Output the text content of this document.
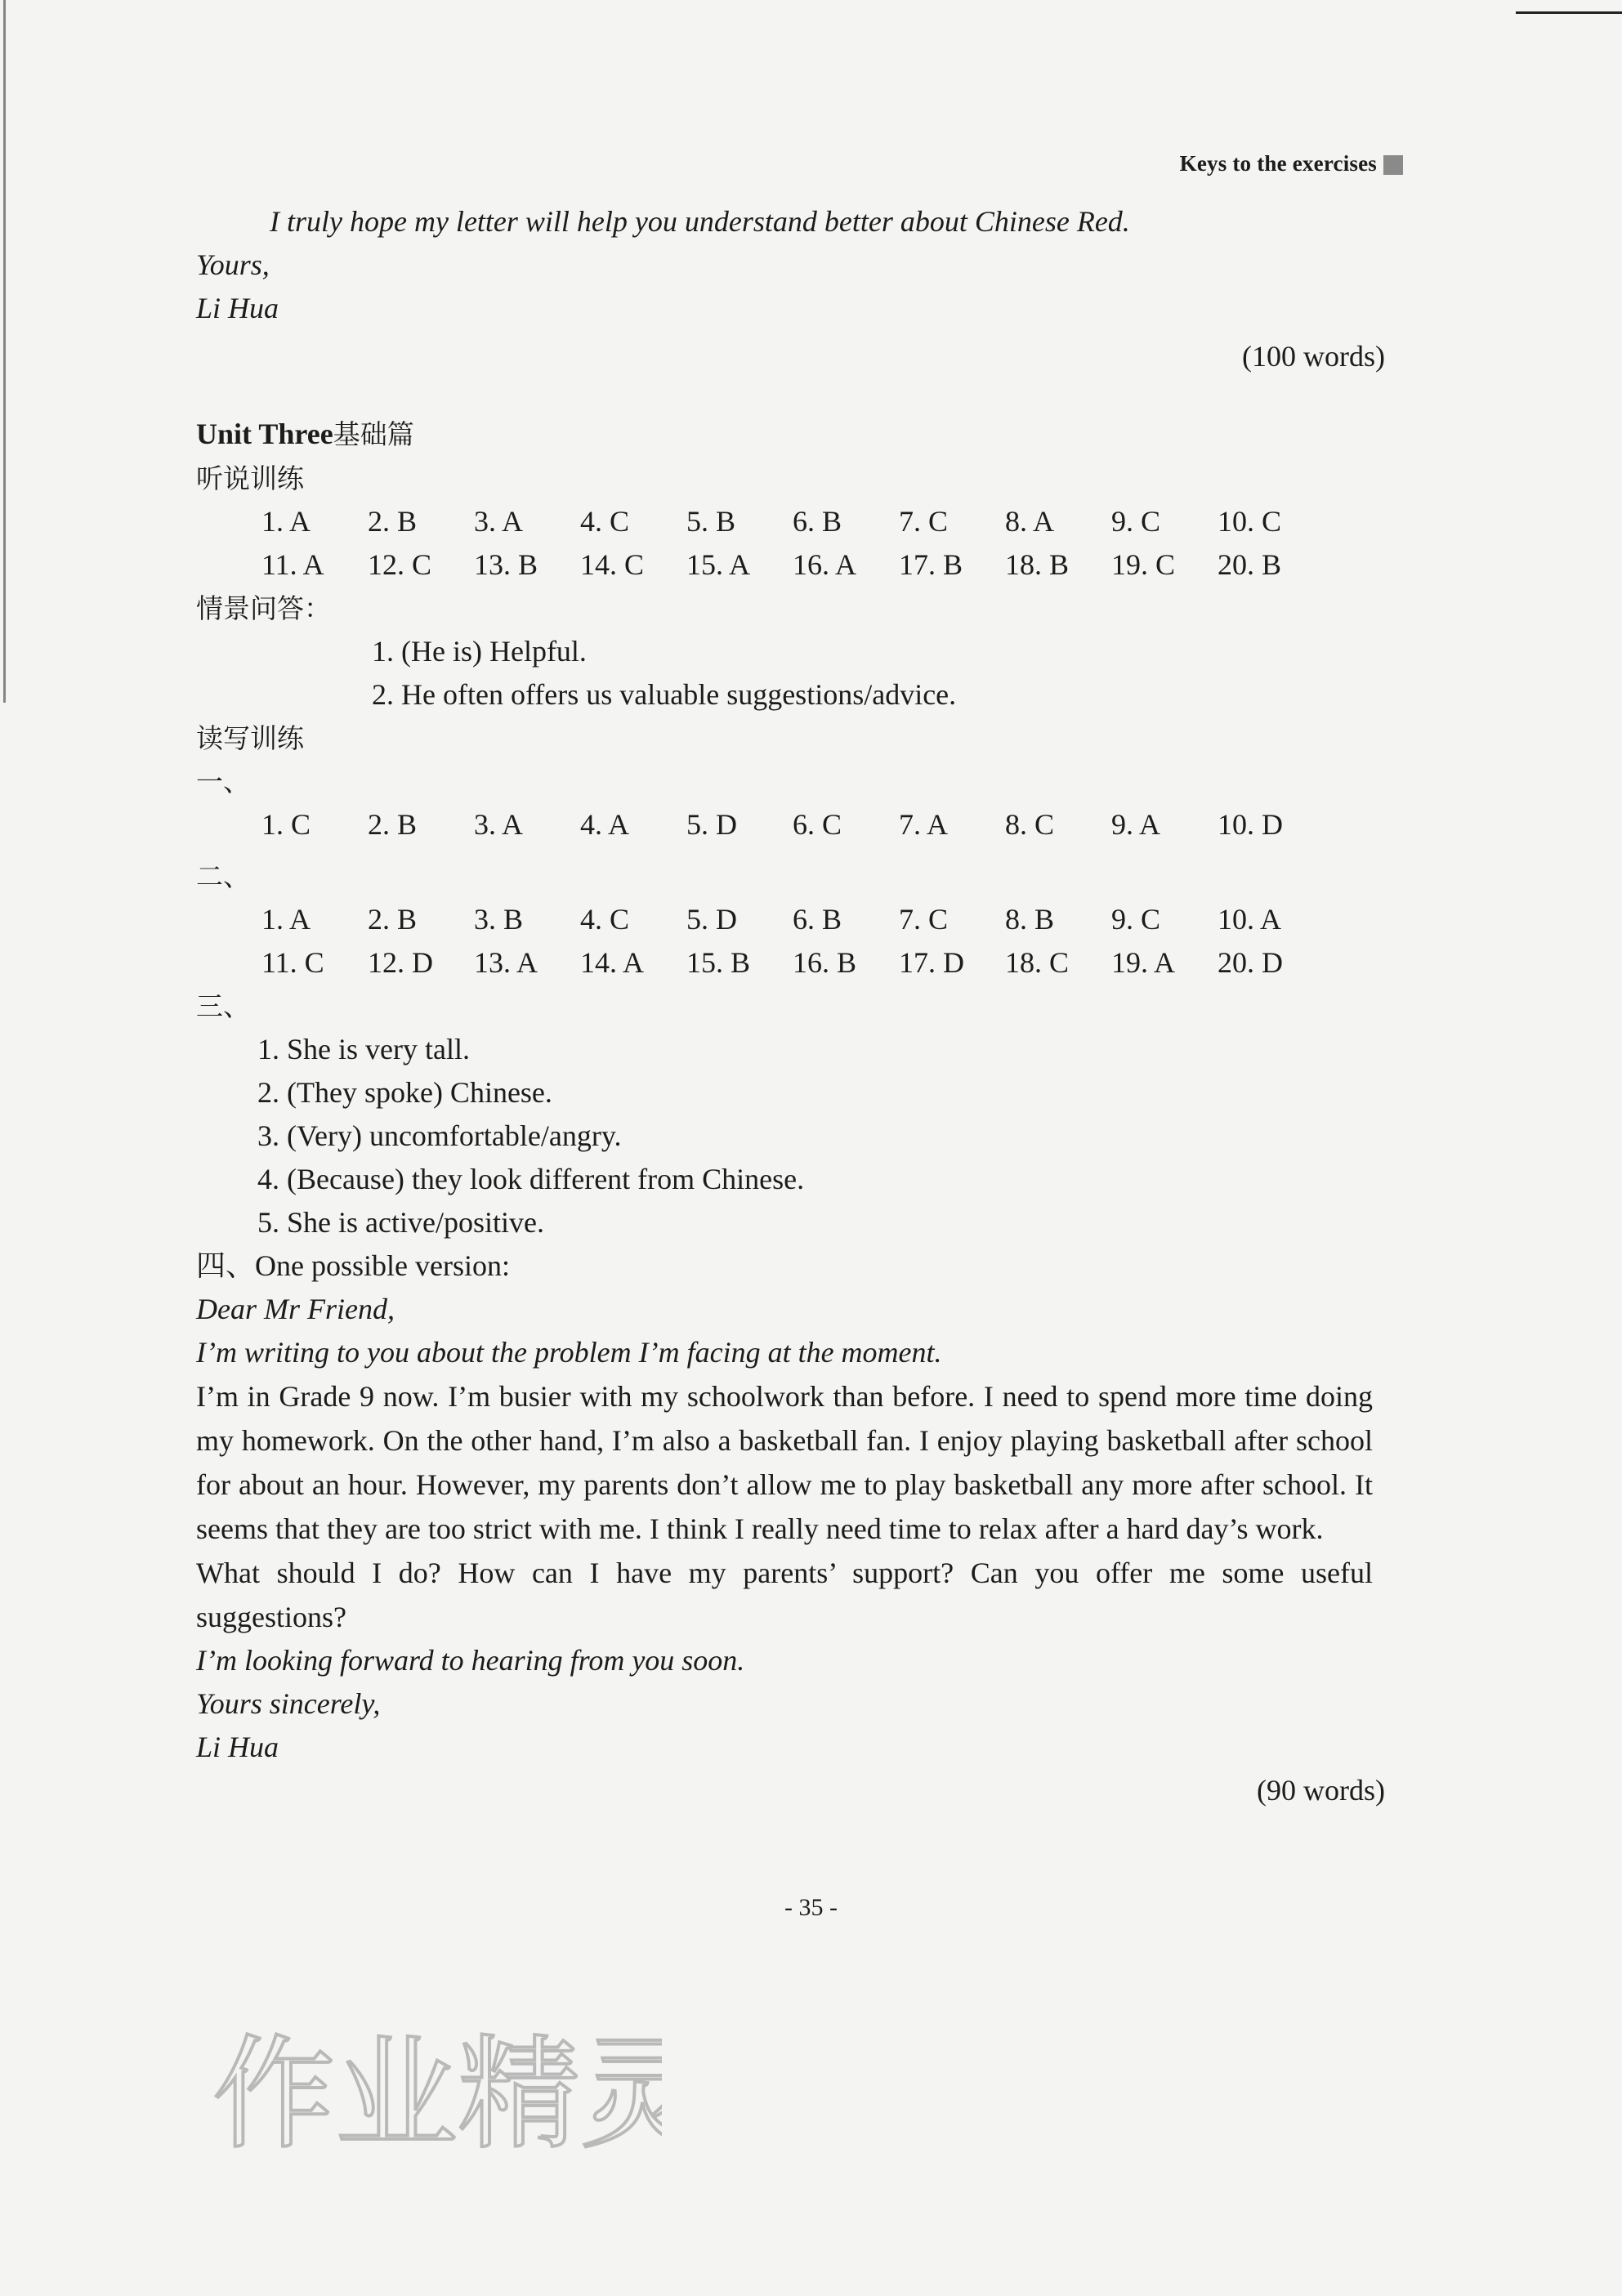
Keys to the exercises
I truly hope my letter will help you understand better about Chinese Red.
Yours,
Li Hua
(100 words)
Unit Three基础篇
听说训练
1. A	2. B	3. A	4. C	5. B	6. B	7. C	8. A	9. C	10. C
11. A	12. C	13. B	14. C	15. A	16. A	17. B	18. B	19. C	20. B
情景问答：
1. (He is) Helpful.
2. He often offers us valuable suggestions/advice.
读写训练
一、
1. C	2. B	3. A	4. A	5. D	6. C	7. A	8. C	9. A	10. D
二、
1. A	2. B	3. B	4. C	5. D	6. B	7. C	8. B	9. C	10. A
11. C	12. D	13. A	14. A	15. B	16. B	17. D	18. C	19. A	20. D
三、
1. She is very tall.
2. (They spoke) Chinese.
3. (Very) uncomfortable/angry.
4. (Because) they look different from Chinese.
5. She is active/positive.
四、One possible version:
Dear Mr Friend,
I’m writing to you about the problem I’m facing at the moment.
I’m in Grade 9 now. I’m busier with my schoolwork than before. I need to spend more time doing my homework. On the other hand, I’m also a basketball fan. I enjoy playing basketball after school for about an hour. However, my parents don’t allow me to play basketball any more after school. It seems that they are too strict with me. I think I really need time to relax after a hard day’s work.
What should I do? How can I have my parents’ support? Can you offer me some useful suggestions?
I’m looking forward to hearing from you soon.
Yours sincerely,
Li Hua
(90 words)
- 35 -
作业精灵
